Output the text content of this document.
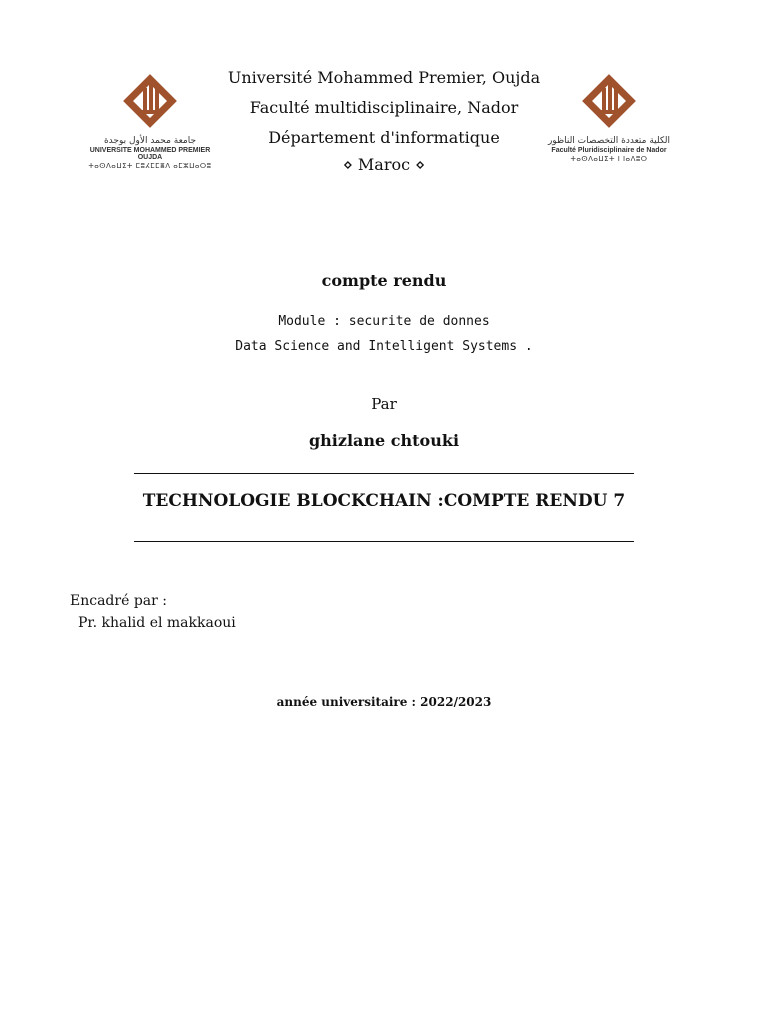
جامعة محمد الأول بوجدة
UNIVERSITE MOHAMMED PREMIER OUJDA
ⵜⴰⵙⴷⴰⵡⵉⵜ ⵎⵓⵃⵎⵎⴻⴷ ⴰⵎⵣⵡⴰⵔⵓ
الكلية متعددة التخصصات الناظور
Faculté Pluridisciplinaire de Nador
ⵜⴰⵙⴷⴰⵡⵉⵜ ⵏ ⵏⴰⴷⵓⵔ
Université Mohammed Premier, Oujda
Faculté multidisciplinaire, Nador
Département d'informatique
⋄ Maroc ⋄
compte rendu
Module : securite de donnes
Data Science and Intelligent Systems .
Par
ghizlane chtouki
TECHNOLOGIE BLOCKCHAIN :COMPTE RENDU 7
Encadré par :
Pr. khalid el makkaoui
année universitaire : 2022/2023
